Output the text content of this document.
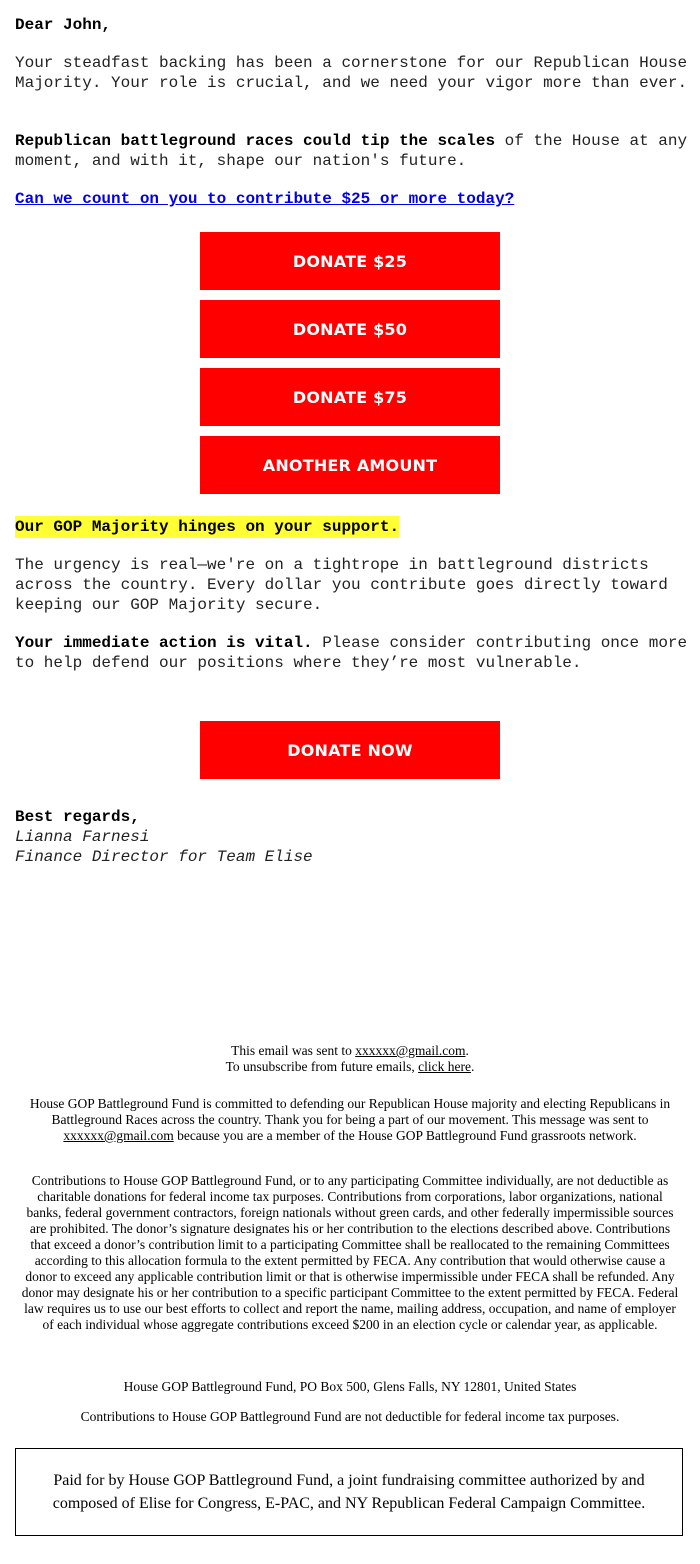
Dear John,

Your steadfast backing has been a cornerstone for our Republican House Majority. Your role is crucial, and we need your vigor more than ever.

Republican battleground races could tip the scales of the House at any moment, and with it, shape our nation's future.

Can we count on you to contribute $25 or more today?
DONATE $25
DONATE $50
DONATE $75
ANOTHER AMOUNT
Our GOP Majority hinges on your support.

The urgency is real—we're on a tightrope in battleground districts across the country. Every dollar you contribute goes directly toward keeping our GOP Majority secure.

Your immediate action is vital. Please consider contributing once more to help defend our positions where they’re most vulnerable.

DONATE NOW
Best regards,
Lianna Farnesi
Finance Director for Team Elise
This email was sent to xxxxxx@gmail.com.
To unsubscribe from future emails, click here.
House GOP Battleground Fund is committed to defending our Republican House majority and electing Republicans in Battleground Races across the country. Thank you for being a part of our movement. This message was sent to xxxxxx@gmail.com because you are a member of the House GOP Battleground Fund grassroots network.
Contributions to House GOP Battleground Fund, or to any participating Committee individually, are not deductible as charitable donations for federal income tax purposes. Contributions from corporations, labor organizations, national banks, federal government contractors, foreign nationals without green cards, and other federally impermissible sources are prohibited. The donor’s signature designates his or her contribution to the elections described above. Contributions that exceed a donor’s contribution limit to a participating Committee shall be reallocated to the remaining Committees according to this allocation formula to the extent permitted by FECA. Any contribution that would otherwise cause a donor to exceed any applicable contribution limit or that is otherwise impermissible under FECA shall be refunded. Any donor may designate his or her contribution to a specific participant Committee to the extent permitted by FECA. Federal law requires us to use our best efforts to collect and report the name, mailing address, occupation, and name of employer of each individual whose aggregate contributions exceed $200 in an election cycle or calendar year, as applicable.
House GOP Battleground Fund, PO Box 500, Glens Falls, NY 12801, United States
Contributions to House GOP Battleground Fund are not deductible for federal income tax purposes.
Paid for by House GOP Battleground Fund, a joint fundraising committee authorized by and composed of Elise for Congress, E-PAC, and NY Republican Federal Campaign Committee.
